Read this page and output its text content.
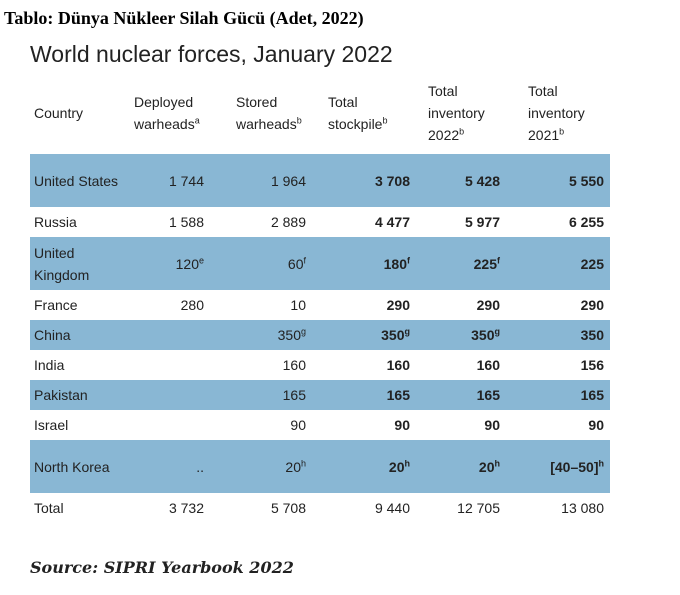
Tablo: Dünya Nükleer Silah Gücü (Adet, 2022)
World nuclear forces, January 2022
Country	Deployed warheads$^a$	Stored warheads$^b$	Total stockpile$^b$	Total inventory 2022$^b$	Total inventory 2021$^b$
United States	1 744	1 964	3 708	5 428	5 550
Russia	1 588	2 889	4 477	5 977	6 255
United Kingdom	120e	60$^f$	180$^f$	225$^f$	225
France	280	10	290	290	290
China		350$^g$	350$^g$	350$^g$	350
India		160	160	160	156
Pakistan		165	165	165	165
Israel		90	90	90	90
North Korea	..	20$^h$	20$^h$	20$^h$	$[40-50]^h$
Total	3 732	5 708	9 440	12 705	13 080
Source: SIPRI Yearbook 2022
